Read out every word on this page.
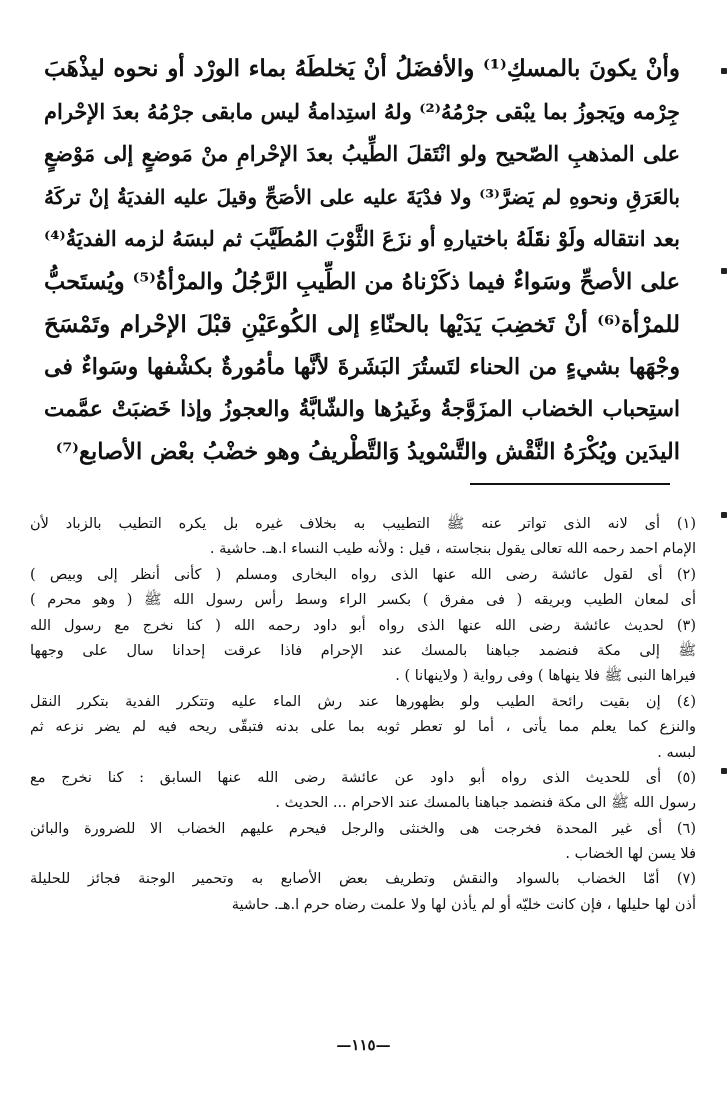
وأنْ يكونَ بالمسكِ⁽¹⁾ والأفضَلُ أنْ يَخلطَهُ بماء الورْد أو نحوه ليذْهَبَ
جِرْمه ويَجوزُ بما يبْقى جرْمُهُ⁽²⁾ ولهُ استِدامةُ ليس مابقى جرْمُهُ بعدَ الإحْرام
على المذهبِ الصّحيح ولو انْتَقلَ الطِّيبُ بعدَ الإحْرامِ منْ مَوضعٍ إلى مَوْضعٍ
بالعَرَقِ ونحوهِ لم يَضرَّ⁽³⁾ ولا فدْيَةَ عليه على الأصَحِّ وقيلَ عليه الفديَةُ إنْ تركَهُ
بعد انتقاله ولَوْ نقَلَهُ باختيارهِ أو نزَعَ الثَّوْبَ المُطَيَّبَ ثم لبسَهُ لزمه الفديَةُ⁽⁴⁾
على الأصحِّ وسَواءٌ فيما ذكَرْناهُ من الطِّيبِ الرَّجُلُ والمرْأةُ⁽⁵⁾ ويُستَحبُّ
للمرْأة⁽⁶⁾ أنْ تَخضِبَ يَدَيْها بالحنّاءِ إلى الكُوعَيْنِ قبْلَ الإحْرام وتَمْسَحَ
وجْهَها بشيءٍ من الحناء لتَستُرَ البَشَرةَ لأنَّها مأمُورةٌ بكشْفها وسَواءٌ فى
استِحباب الخضاب المزَوَّجةُ وغَيرُها والشّابَّةُ والعجوزُ وإذا خَضبَتْ عمَّمت
اليدَين ويُكْرَهُ النَّقْش والتَّسْويدُ وَالتَّطْريفُ وهو خضْبُ بعْض الأصابع⁽⁷⁾
(١) أى لانه الذى تواتر عنه ﷺ التطييب به بخلاف غيره بل يكره التطيب بالزباد لأن
الإمام احمد رحمه الله تعالى يقول بنجاسته ، قيل : ولأنه طيب النساء ا.هـ. حاشية .
(٢) أى لقول عائشة رضى الله عنها الذى رواه البخارى ومسلم ( كأنى أنظر إلى وبيص )
أى لمعان الطيب وبريقه ( فى مفرق ) بكسر الراء وسط رأس رسول الله ﷺ ( وهو محرم )
(٣) لحديث عائشة رضى الله عنها الذى رواه أبو داود رحمه الله ( كنا نخرج مع رسول الله
ﷺ إلى مكة فنضمد جباهنا بالمسك عند الإحرام فاذا عرقت إحدانا سال على وجهها
فيراها النبى ﷺ فلا ينهاها ) وفى رواية ( ولاينهانا ) .
(٤) إن بقيت رائحة الطيب ولو بظهورها عند رش الماء عليه وتتكرر الفدية بتكرر النقل
والنزع كما يعلم مما يأتى ، أما لو تعطر ثوبه بما على بدنه فتبقّى ريحه فيه لم يضر نزعه ثم
لبسه .
(٥) أى للحديث الذى رواه أبو داود عن عائشة رضى الله عنها السابق : كنا نخرج مع
رسول الله ﷺ الى مكة فنضمد جباهنا بالمسك عند الاحرام ... الحديث .
(٦) أى غير المحدة فخرجت هى والخنثى والرجل فيحرم عليهم الخضاب الا للضرورة والبائن
فلا يسن لها الخضاب .
(٧) أمّا الخضاب بالسواد والنقش وتطريف بعض الأصابع به وتحمير الوجنة فجائز للحليلة
أذن لها حليلها ، فإن كانت خليّه أو لم يأذن لها ولا علمت رضاه حرم ا.هـ. حاشية
—١١٥—
